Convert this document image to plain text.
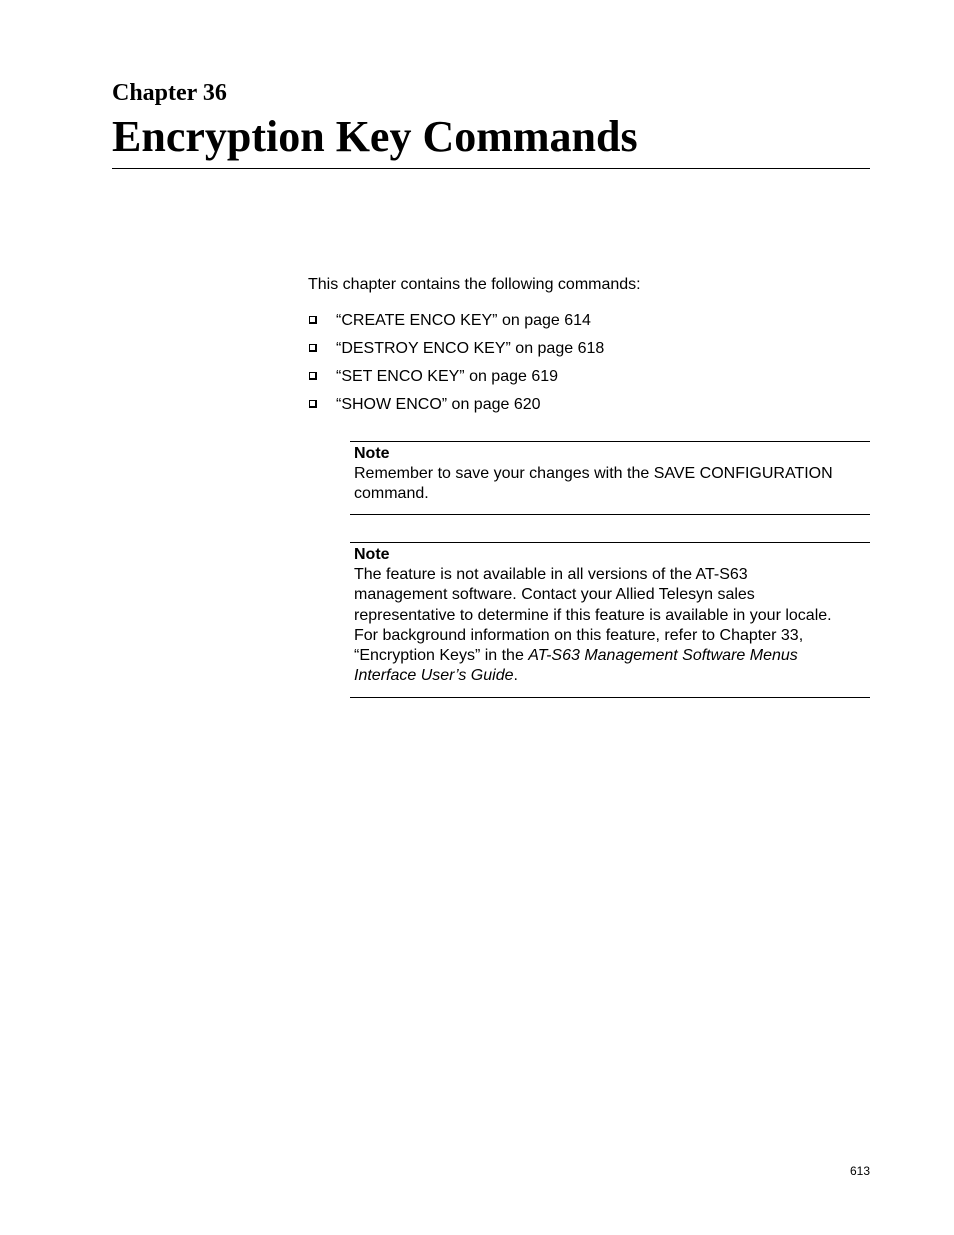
Chapter 36
Encryption Key Commands
This chapter contains the following commands:
“CREATE ENCO KEY” on page 614
“DESTROY ENCO KEY” on page 618
“SET ENCO KEY” on page 619
“SHOW ENCO” on page 620
Note
Remember to save your changes with the SAVE CONFIGURATION command.
Note
The feature is not available in all versions of the AT-S63
management software. Contact your Allied Telesyn sales
representative to determine if this feature is available in your locale.
For background information on this feature, refer to Chapter 33,
“Encryption Keys” in the AT-S63 Management Software Menus
Interface User’s Guide.
613
